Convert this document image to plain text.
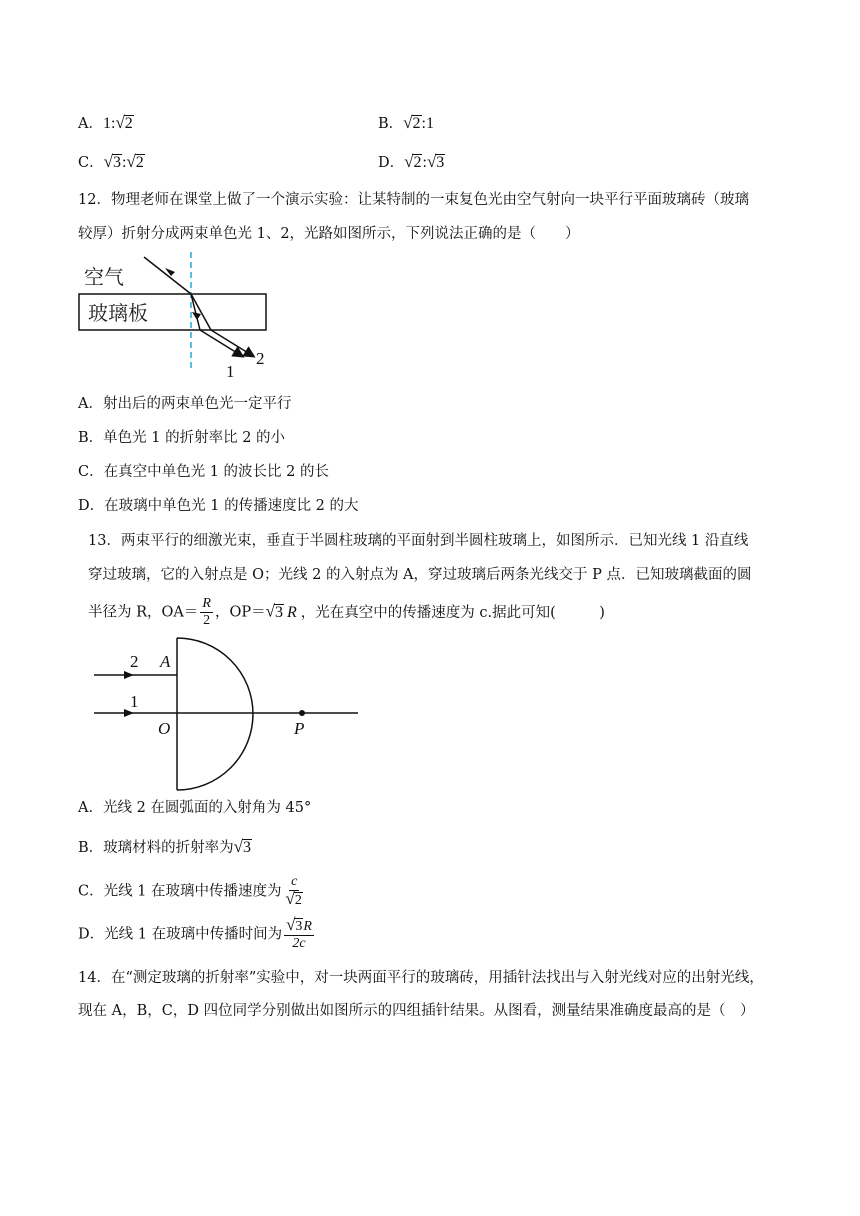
A．1:√2	B．√2:1
C．√3:√2	D．√2:√3
12．物理老师在课堂上做了一个演示实验：让某特制的一束复色光由空气射向一块平行平面玻璃砖（玻璃
较厚）折射分成两束单色光 1、2，光路如图所示，下列说法正确的是（　　）
空气
玻璃板
2
1
A．射出后的两束单色光一定平行
B．单色光 1 的折射率比 2 的小
C．在真空中单色光 1 的波长比 2 的长
D．在玻璃中单色光 1 的传播速度比 2 的大
13．两束平行的细激光束，垂直于半圆柱玻璃的平面射到半圆柱玻璃上，如图所示．已知光线 1 沿直线
穿过玻璃，它的入射点是 O；光线 2 的入射点为 A，穿过玻璃后两条光线交于 P 点．已知玻璃截面的圆
半径为 R，$OA= \frac{R}{2}$ ，OP＝√3 R ，光在真空中的传播速度为 c.据此可知(　　　)
2
1
A
O	P
A．光线 2 在圆弧面的入射角为 45°
B．玻璃材料的折射率为√3
C．光线 1 在玻璃中传播速度为 $\frac{c}{√2}$
D．光线 1 在玻璃中传播时间为 $\frac{√3R}{2c}$
14．在“测定玻璃的折射率”实验中，对一块两面平行的玻璃砖，用插针法找出与入射光线对应的出射光线，
现在 A，B，C，D 四位同学分别做出如图所示的四组插针结果。从图看，测量结果准确度最高的是（　）
